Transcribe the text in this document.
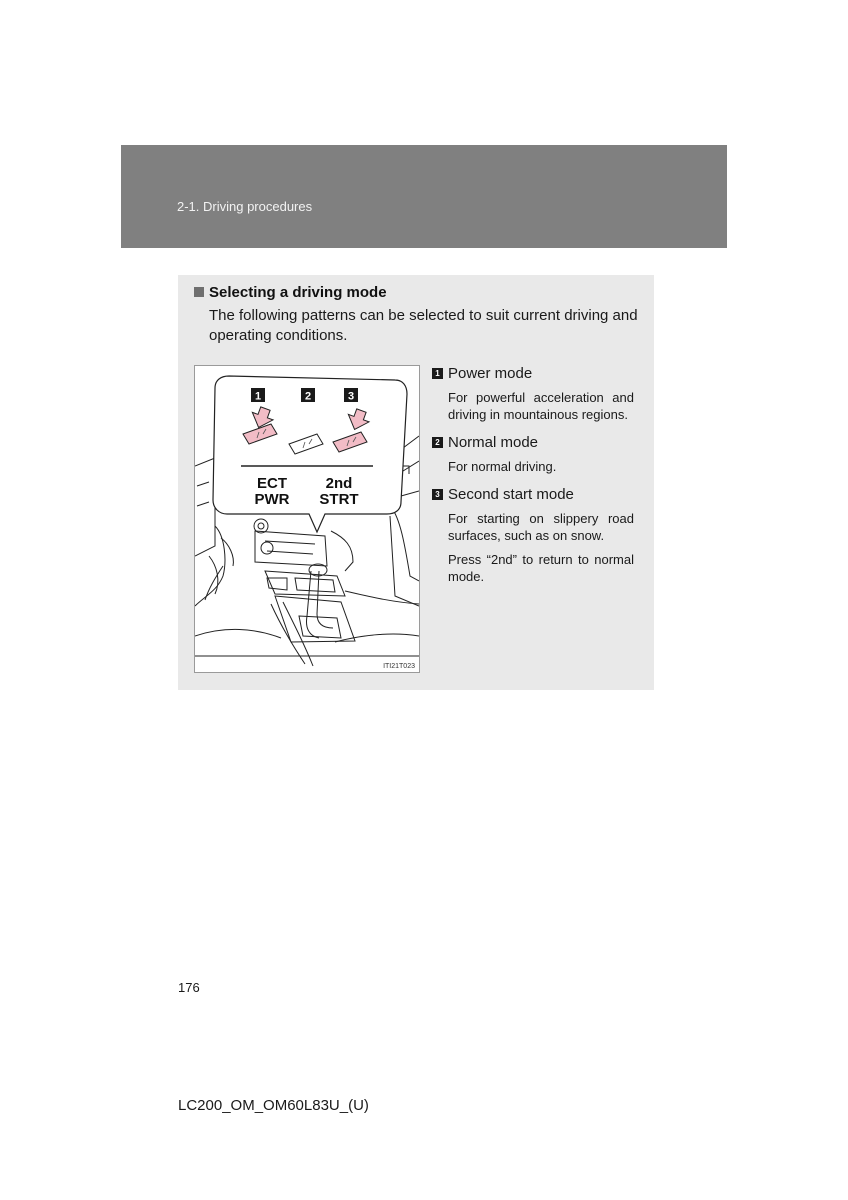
2-1. Driving procedures
Selecting a driving mode
The following patterns can be selected to suit current driving and operating conditions.
1	2	3
ECT
PWR
2nd
STRT
ITI21T023
1 Power mode
For powerful acceleration and driving in mountainous regions.
2 Normal mode
For normal driving.
3 Second start mode
For starting on slippery road surfaces, such as on snow.
Press “2nd” to return to normal mode.
176
LC200_OM_OM60L83U_(U)
